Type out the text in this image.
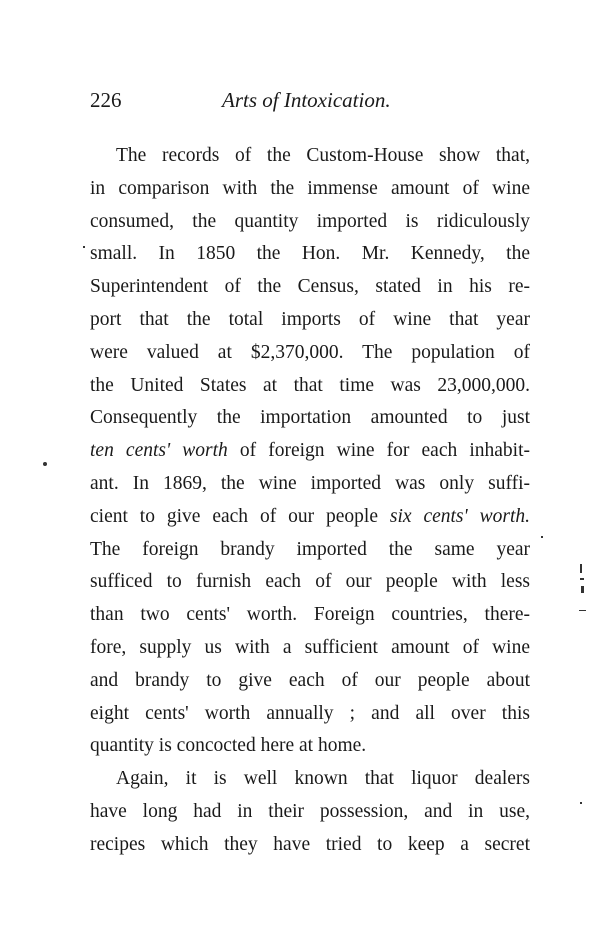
226	Arts of Intoxication.
The records of the Custom-House show that,
in comparison with the immense amount of wine
consumed, the quantity imported is ridiculously
small. In 1850 the Hon. Mr. Kennedy, the
Superintendent of the Census, stated in his re-
port that the total imports of wine that year
were valued at $2,370,000. The population of
the United States at that time was 23,000,000.
Consequently the importation amounted to just
ten cents' worth of foreign wine for each inhabit-
ant. In 1869, the wine imported was only suffi-
cient to give each of our people six cents' worth.
The foreign brandy imported the same year
sufficed to furnish each of our people with less
than two cents' worth. Foreign countries, there-
fore, supply us with a sufficient amount of wine
and brandy to give each of our people about
eight cents' worth annually ; and all over this
quantity is concocted here at home.
Again, it is well known that liquor dealers
have long had in their possession, and in use,
recipes which they have tried to keep a secret
